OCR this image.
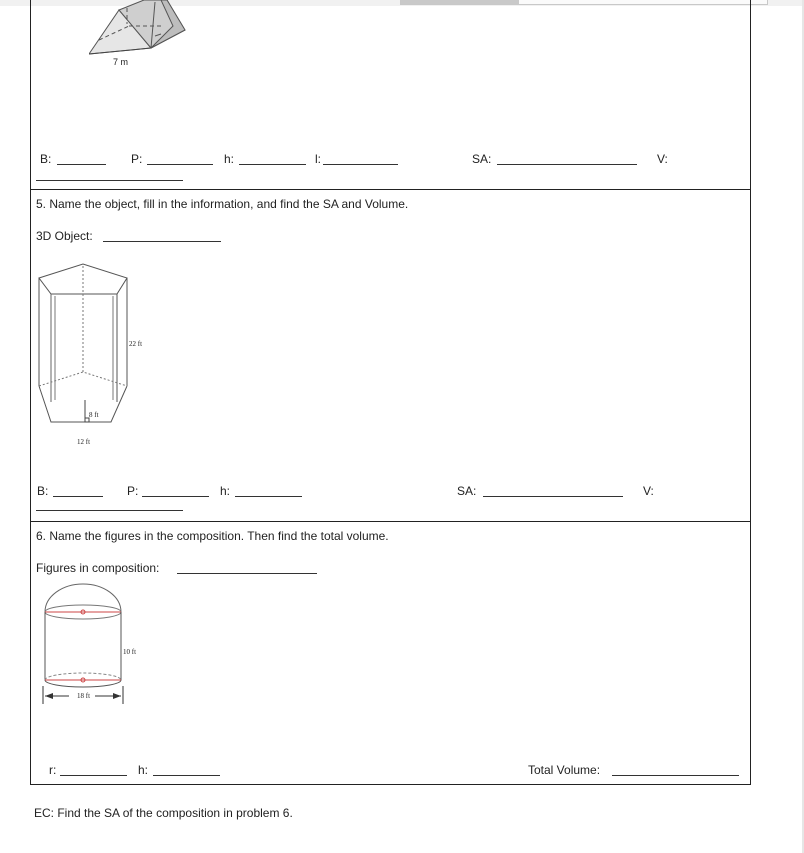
7 m
B:	P:	h:	l:	SA:	V:
5. Name the object, fill in the information, and find the SA and Volume.
3D Object:
22 ft
8 ft
12 ft
B:	P:	h:	SA:	V:
6. Name the figures in the composition. Then find the total volume.
Figures in composition:
10 ft
18 ft
r:	h:	Total Volume:
EC: Find the SA of the composition in problem 6.
